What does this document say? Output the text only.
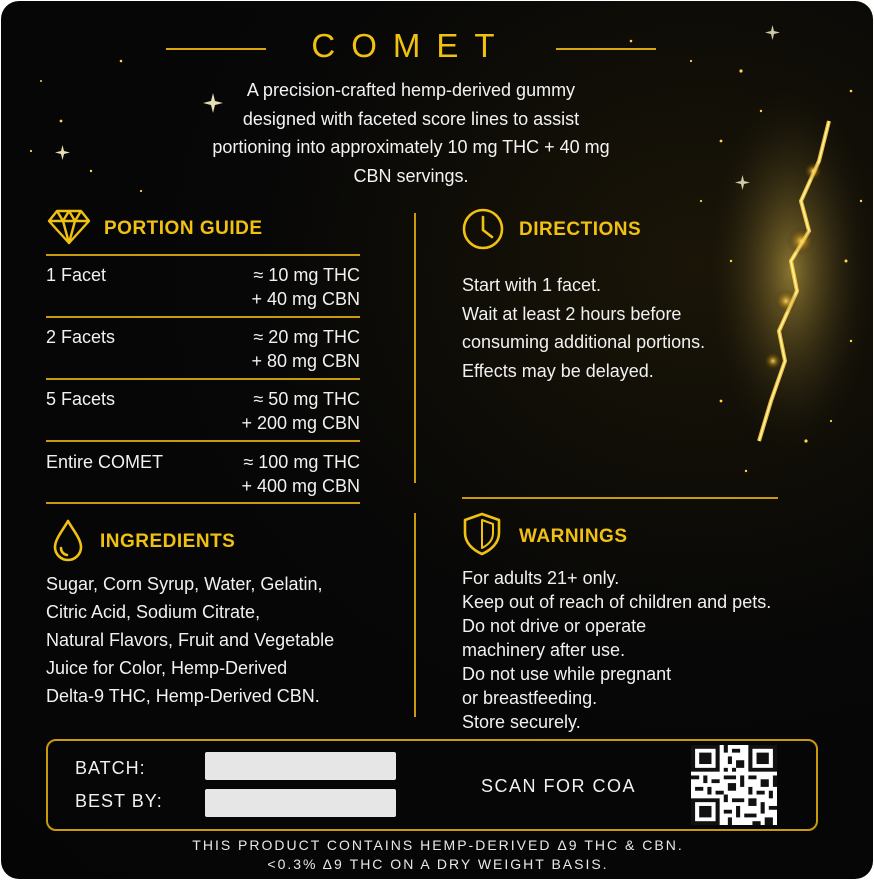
COMET
A precision-crafted hemp-derived gummy
designed with faceted score lines to assist
portioning into approximately 10 mg THC + 40 mg
CBN servings.
PORTION GUIDE
1 Facet	≈ 10 mg THC
+ 40 mg CBN
2 Facets	≈ 20 mg THC
+ 80 mg CBN
5 Facets	≈ 50 mg THC
+ 200 mg CBN
Entire COMET	≈ 100 mg THC
+ 400 mg CBN
DIRECTIONS
Start with 1 facet.
Wait at least 2 hours before
consuming additional portions.
Effects may be delayed.
INGREDIENTS
Sugar, Corn Syrup, Water, Gelatin,
Citric Acid, Sodium Citrate,
Natural Flavors, Fruit and Vegetable
Juice for Color, Hemp-Derived
Delta-9 THC, Hemp-Derived CBN.
WARNINGS
For adults 21+ only.
Keep out of reach of children and pets.
Do not drive or operate
machinery after use.
Do not use while pregnant
or breastfeeding.
Store securely.
BATCH:
BEST BY:
SCAN FOR COA
THIS PRODUCT CONTAINS HEMP-DERIVED Δ9 THC & CBN.
<0.3% Δ9 THC ON A DRY WEIGHT BASIS.
